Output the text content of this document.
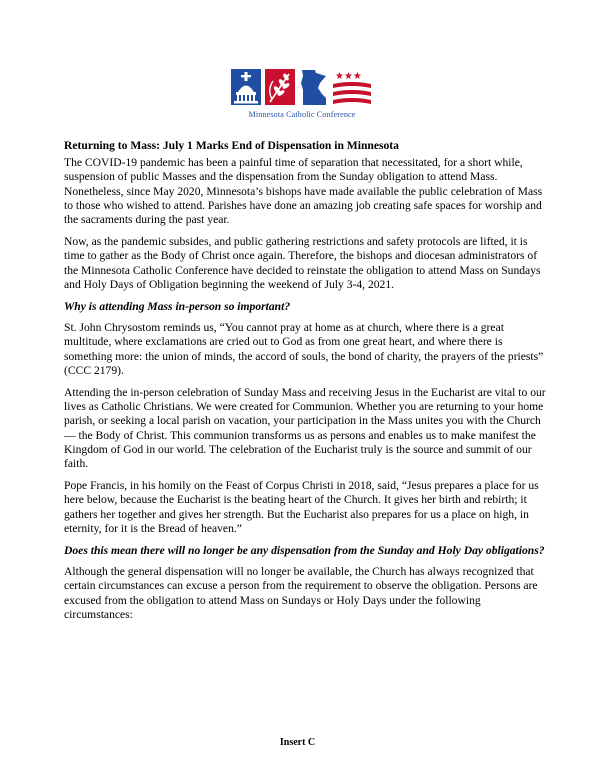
★★★
Minnesota Catholic Conference

Returning to Mass: July 1 Marks End of Dispensation in Minnesota

The COVID-19 pandemic has been a painful time of separation that necessitated, for a short while, suspension of public Masses and the dispensation from the Sunday obligation to attend Mass. Nonetheless, since May 2020, Minnesota’s bishops have made available the public celebration of Mass to those who wished to attend. Parishes have done an amazing job creating safe spaces for worship and the sacraments during the past year.

Now, as the pandemic subsides, and public gathering restrictions and safety protocols are lifted, it is time to gather as the Body of Christ once again. Therefore, the bishops and diocesan administrators of the Minnesota Catholic Conference have decided to reinstate the obligation to attend Mass on Sundays and Holy Days of Obligation beginning the weekend of July 3-4, 2021.

Why is attending Mass in-person so important?

St. John Chrysostom reminds us, “You cannot pray at home as at church, where there is a great multitude, where exclamations are cried out to God as from one great heart, and where there is something more: the union of minds, the accord of souls, the bond of charity, the prayers of the priests” (CCC 2179).

Attending the in-person celebration of Sunday Mass and receiving Jesus in the Eucharist are vital to our lives as Catholic Christians. We were created for Communion. Whether you are returning to your home parish, or seeking a local parish on vacation, your participation in the Mass unites you with the Church — the Body of Christ. This communion transforms us as persons and enables us to make manifest the Kingdom of God in our world. The celebration of the Eucharist truly is the source and summit of our faith.

Pope Francis, in his homily on the Feast of Corpus Christi in 2018, said, “Jesus prepares a place for us here below, because the Eucharist is the beating heart of the Church. It gives her birth and rebirth; it gathers her together and gives her strength. But the Eucharist also prepares for us a place on high, in eternity, for it is the Bread of heaven.”

Does this mean there will no longer be any dispensation from the Sunday and Holy Day obligations?

Although the general dispensation will no longer be available, the Church has always recognized that certain circumstances can excuse a person from the requirement to observe the obligation. Persons are excused from the obligation to attend Mass on Sundays or Holy Days under the following circumstances:

Insert C
